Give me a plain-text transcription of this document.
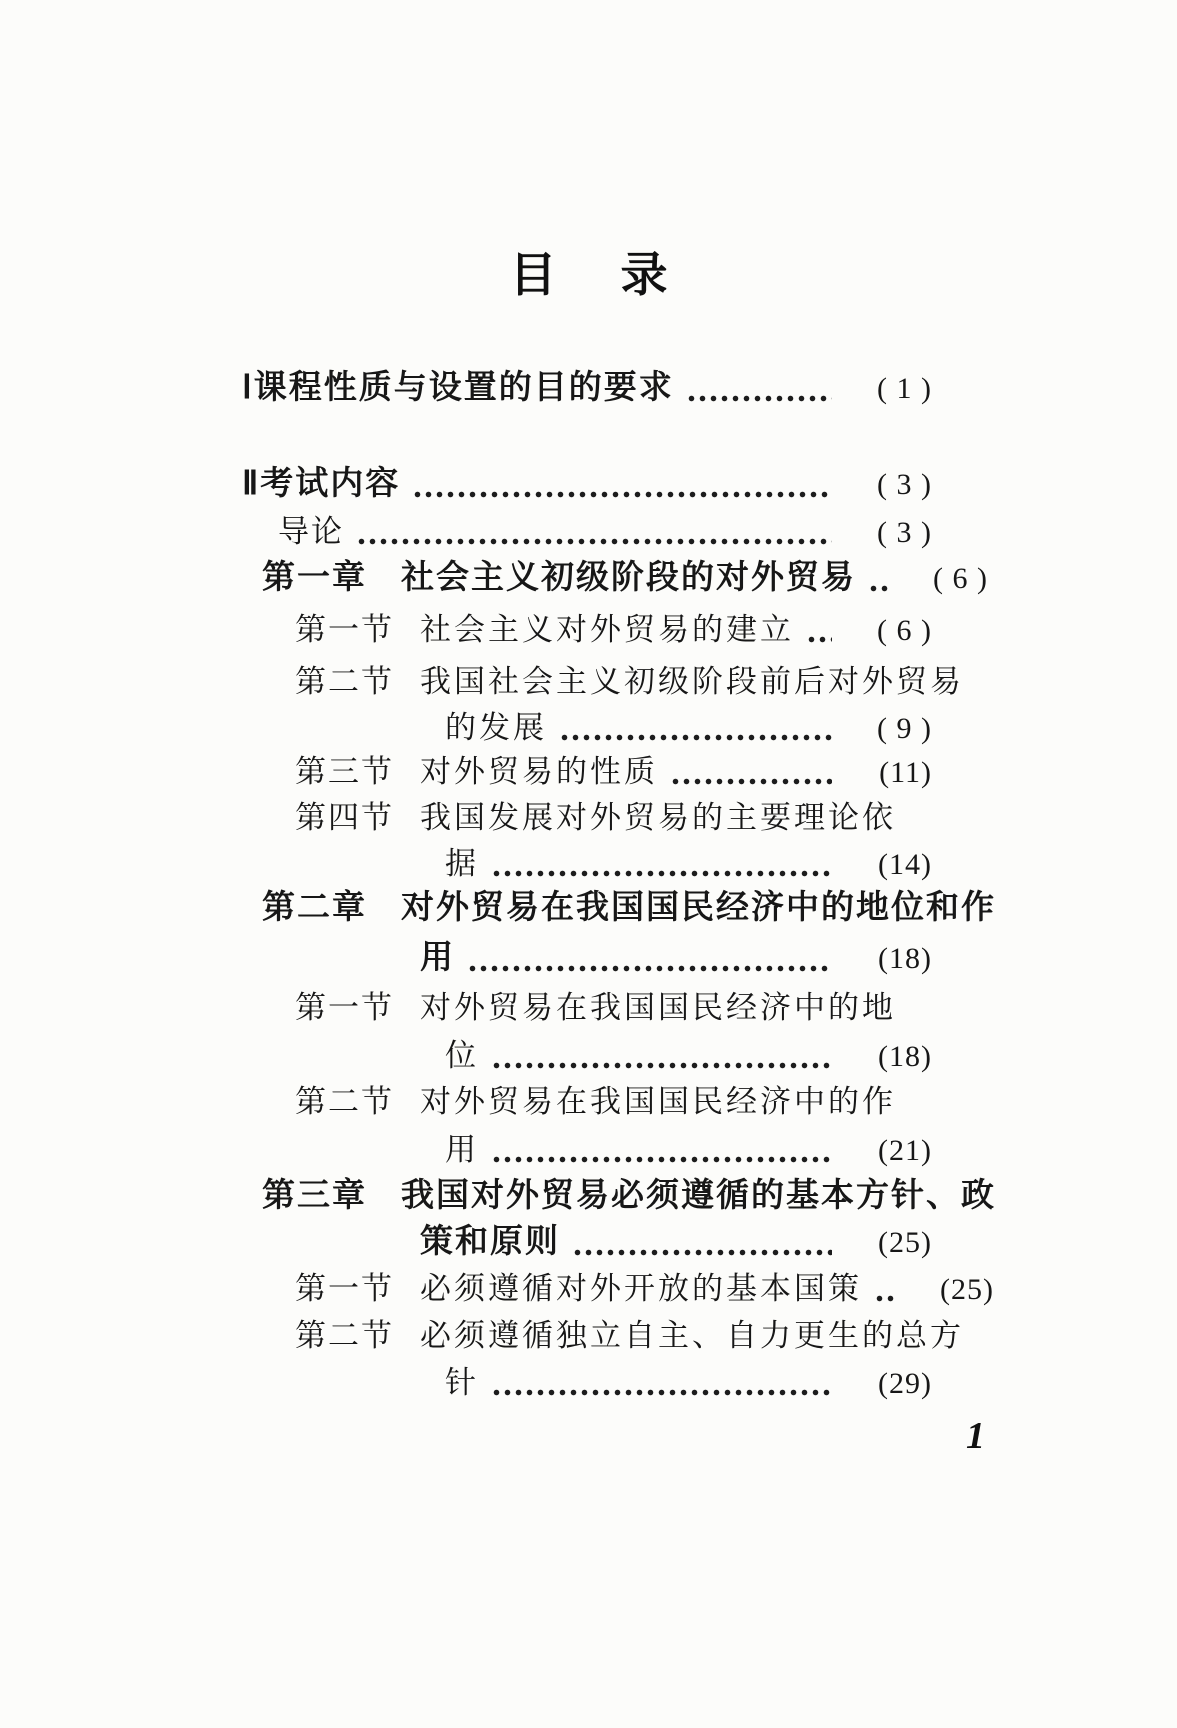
目 录
Ⅰ课程性质与设置的目的要求	( 1 )
Ⅱ考试内容	( 3 )
导论	( 3 )
第一章 社会主义初级阶段的对外贸易	( 6 )
第一节 社会主义对外贸易的建立	( 6 )
第二节 我国社会主义初级阶段前后对外贸易
的发展	( 9 )
第三节 对外贸易的性质	(11)
第四节 我国发展对外贸易的主要理论依
据	(14)
第二章 对外贸易在我国国民经济中的地位和作
用	(18)
第一节 对外贸易在我国国民经济中的地
位	(18)
第二节 对外贸易在我国国民经济中的作
用	(21)
第三章 我国对外贸易必须遵循的基本方针、政
策和原则	(25)
第一节 必须遵循对外开放的基本国策	(25)
第二节 必须遵循独立自主、自力更生的总方
针	(29)
1
